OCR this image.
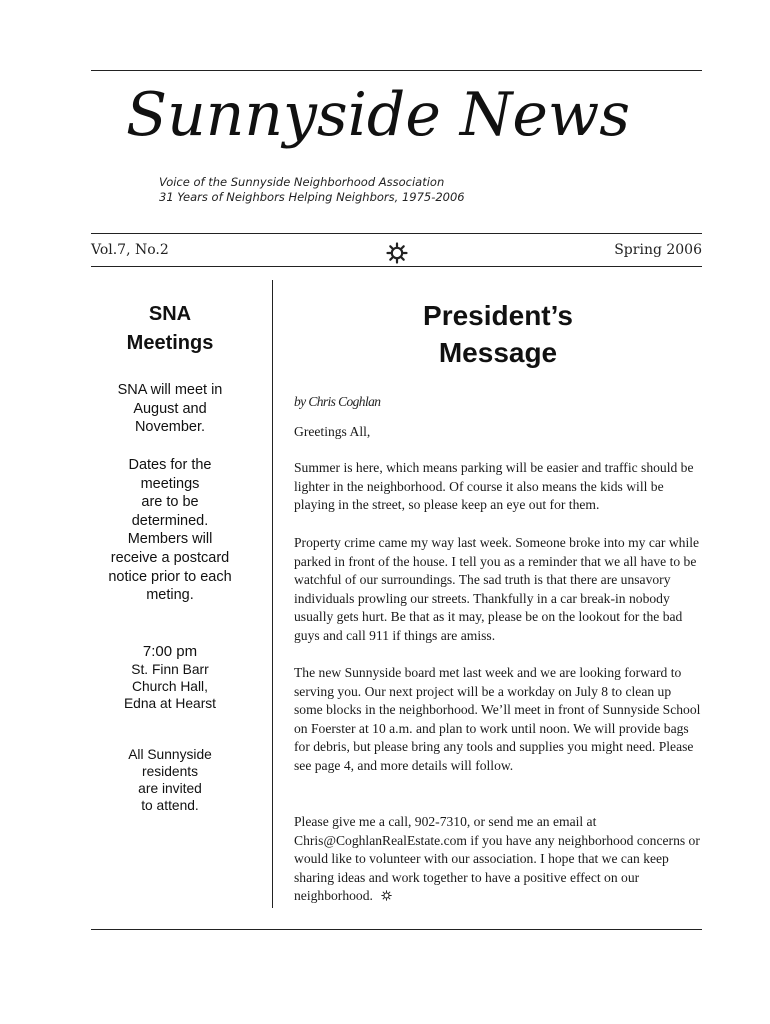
Sunnyside News
Voice of the Sunnyside Neighborhood Association
31 Years of Neighbors Helping Neighbors, 1975-2006
Vol.7, No.2	Spring 2006
SNA
Meetings
SNA will meet in
August and
November.
Dates for the
meetings
are to be
determined.
Members will
receive a postcard
notice prior to each
meting.
7:00 pm
St. Finn Barr
Church Hall,
Edna at Hearst
All Sunnyside
residents
are invited
to attend.
President’s
Message
by Chris Coghlan
Greetings All,
Summer is here, which means parking will be easier and traffic should be lighter in the neighborhood. Of course it also means the kids will be playing in the street, so please keep an eye out for them.
Property crime came my way last week. Someone broke into my car while parked in front of the house. I tell you as a reminder that we all have to be watchful of our surroundings. The sad truth is that there are unsavory individuals prowling our streets. Thankfully in a car break-in nobody usually gets hurt. Be that as it may, please be on the lookout for the bad guys and call 911 if things are amiss.
The new Sunnyside board met last week and we are looking forward to serving you. Our next project will be a workday on July 8 to clean up some blocks in the neighborhood. We’ll meet in front of Sunnyside School on Foerster at 10 a.m. and plan to work until noon. We will provide bags for debris, but please bring any tools and supplies you might need. Please see page 4, and more details will follow.
Please give me a call, 902-7310, or send me an email at Chris@CoghlanRealEstate.com if you have any neighborhood concerns or would like to volunteer with our association. I hope that we can keep sharing ideas and work together to have a positive effect on our neighborhood.
